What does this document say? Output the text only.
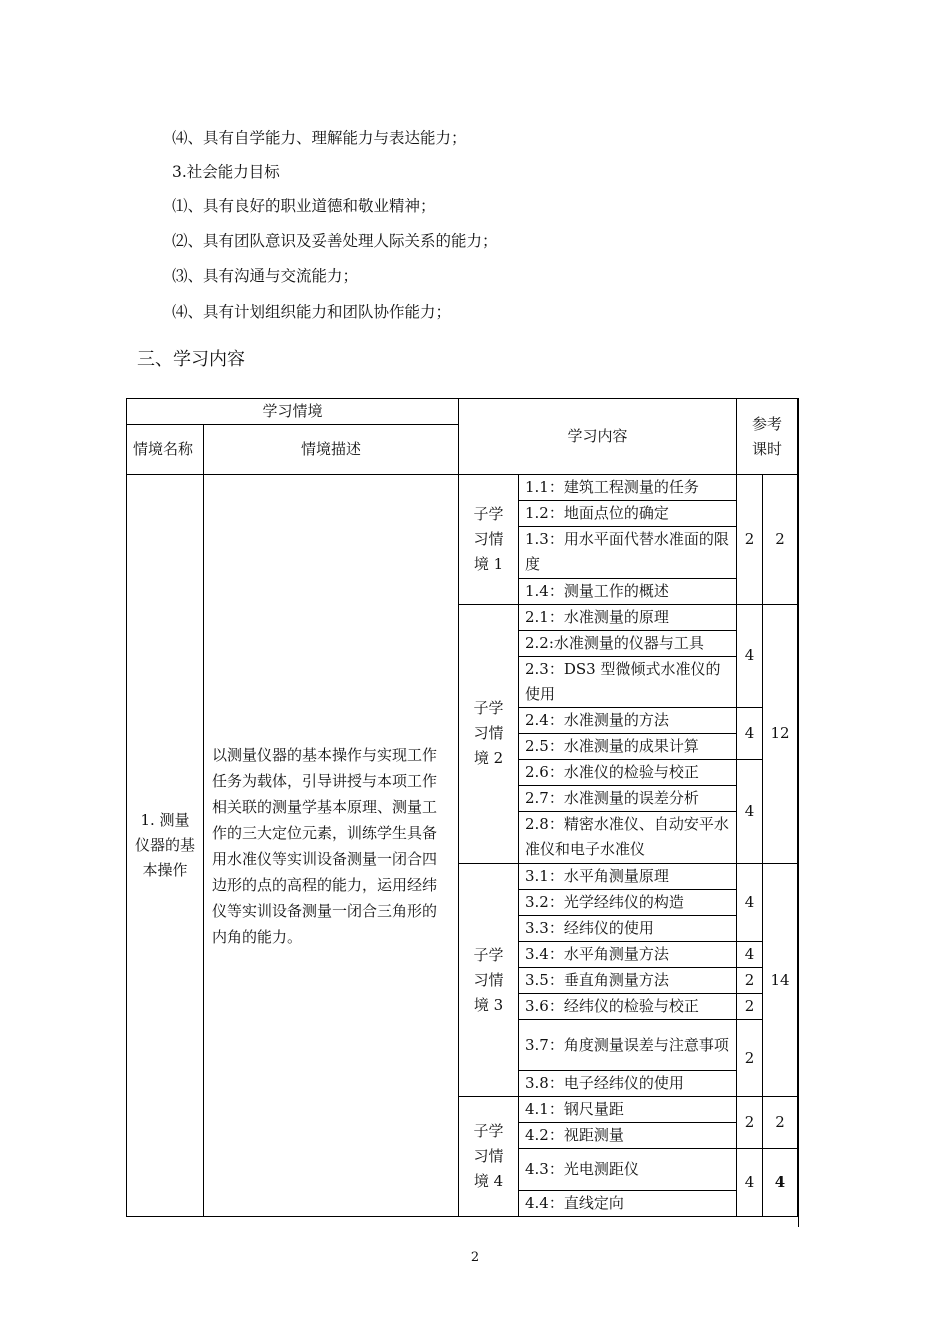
⑷、具有自学能力、理解能力与表达能力；
3.社会能力目标
⑴、具有良好的职业道德和敬业精神；
⑵、具有团队意识及妥善处理人际关系的能力；
⑶、具有沟通与交流能力；
⑷、具有计划组织能力和团队协作能力；
三、学习内容
学习情境		学习内容		参考课时	
情境名称	情境描述				
1. 测量仪器的基本操作	以测量仪器的基本操作与实现工作任务为载体，引导讲授与本项工作相关联的测量学基本原理、测量工作的三大定位元素，训练学生具备用水准仪等实训设备测量一闭合四边形的点的高程的能力，运用经纬仪等实训设备测量一闭合三角形的内角的能力。	子学习情境 1	1.1：建筑工程测量的任务	2	2
			1.2：地面点位的确定		
			1.3：用水平面代替水准面的限度		

			1.4：测量工作的概述		
		子学习情境 2	2.1：水准测量的原理	4	12
			2.2:水准测量的仪器与工具		
			2.3：DS3 型微倾式水准仪的使用		

			2.4：水准测量的方法	4	
			2.5：水准测量的成果计算		
			2.6：水准仪的检验与校正	4	
			2.7：水准测量的误差分析		
			2.8：精密水准仪、自动安平水准仪和电子水准仪		

		子学习情境 3	3.1：水平角测量原理	4	14
			3.2：光学经纬仪的构造		
			3.3：经纬仪的使用		
			3.4：水平角测量方法	4	
			3.5：垂直角测量方法	2	
			3.6：经纬仪的检验与校正	2	
			3.7：角度测量误差与注意事项	2	

			3.8：电子经纬仪的使用		

		子学习情境 4	4.1：钢尺量距	2	2
			4.2：视距测量		
			4.3：光电测距仪	4	4

			4.4：直线定向		
2
